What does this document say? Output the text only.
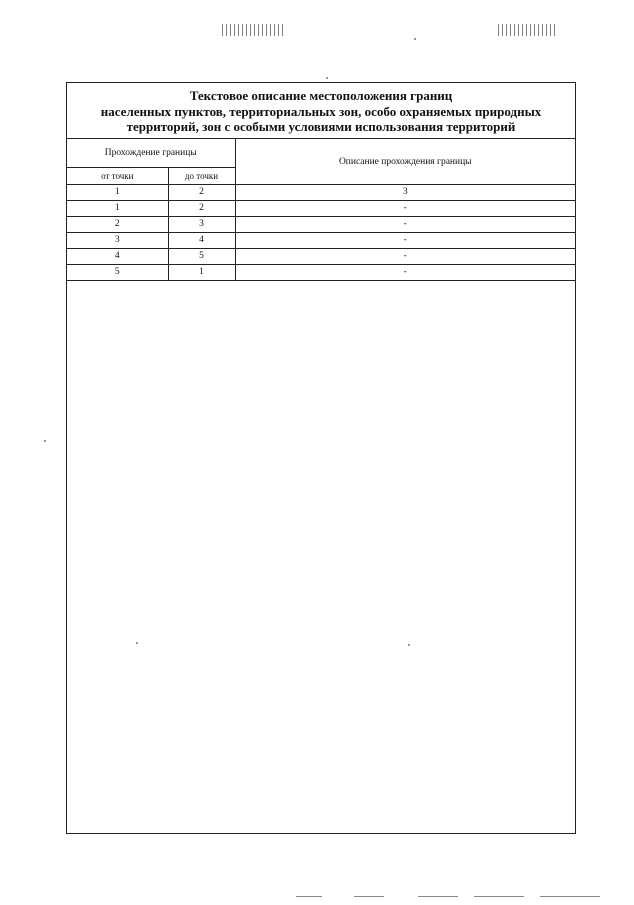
Текстовое описание местоположения границ
населенных пунктов, территориальных зон, особо охраняемых природных
территорий, зон с особыми условиями использования территорий
Прохождение границы		Описание прохождения границы
от точки	до точки	
1	2	3
1	2	-
2	3	-
3	4	-
4	5	-
5	1	-
